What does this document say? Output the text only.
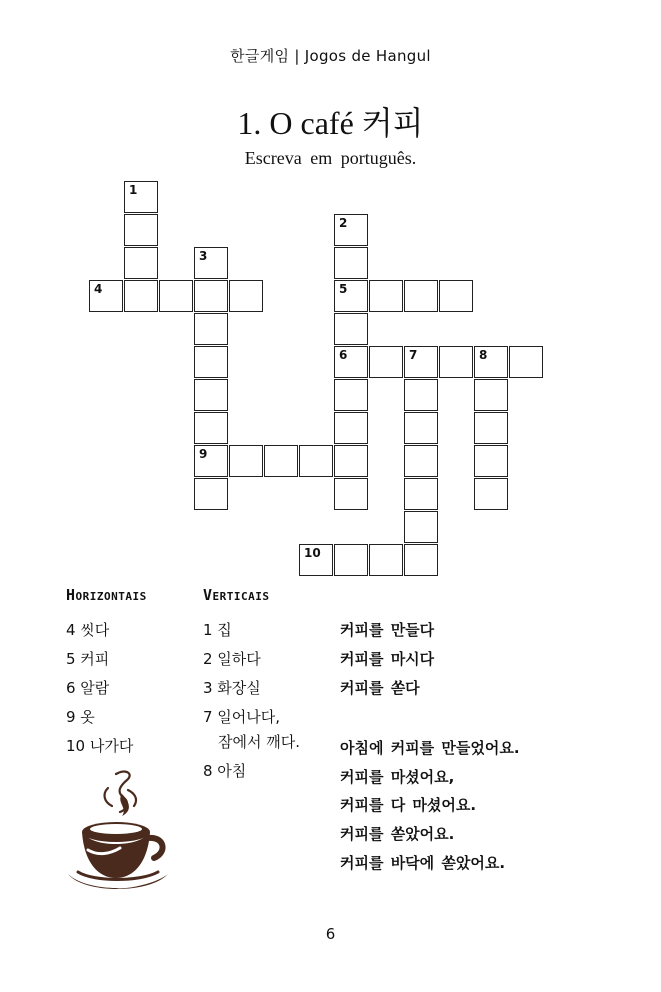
한글게임 | Jogos de Hangul
1. O café 커피
Escreva em português.
1
4
3
9
2
5
6	7	8
10
Horizontais	Verticais
4 씻다
5 커피
6 알람
9 옷
10 나가다
1 집
2 일하다
3 화장실
7 일어나다,
잠에서 깨다.
8 아침
커피를 만들다
커피를 마시다
커피를 쏟다
아침에 커피를 만들었어요.
커피를 마셨어요,
커피를 다 마셨어요.
커피를 쏟았어요.
커피를 바닥에 쏟았어요.
6
